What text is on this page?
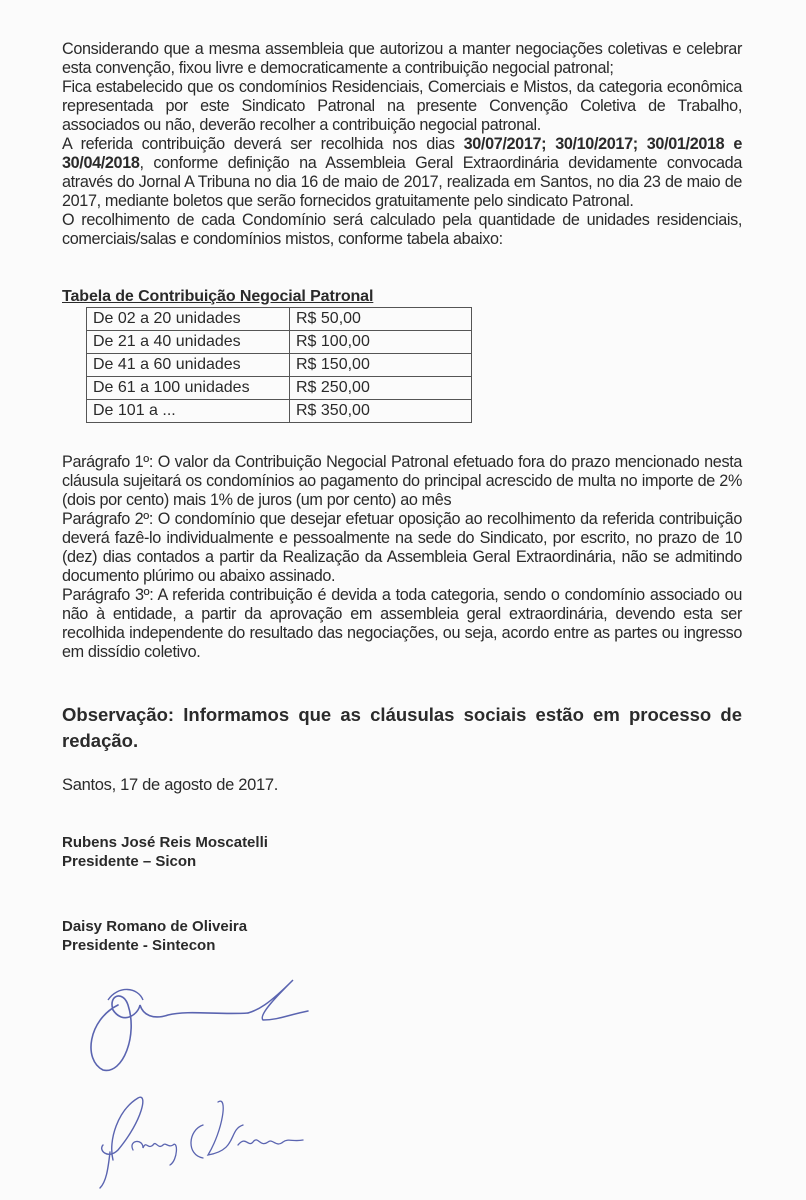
Considerando que a mesma assembleia que autorizou a manter negociações coletivas e celebrar esta convenção, fixou livre e democraticamente a contribuição negocial patronal;

Fica estabelecido que os condomínios Residenciais, Comerciais e Mistos, da categoria econômica representada por este Sindicato Patronal na presente Convenção Coletiva de Trabalho, associados ou não, deverão recolher a contribuição negocial patronal.

A referida contribuição deverá ser recolhida nos dias 30/07/2017; 30/10/2017; 30/01/2018 e 30/04/2018, conforme definição na Assembleia Geral Extraordinária devidamente convocada através do Jornal A Tribuna no dia 16 de maio de 2017, realizada em Santos, no dia 23 de maio de 2017, mediante boletos que serão fornecidos gratuitamente pelo sindicato Patronal.

O recolhimento de cada Condomínio será calculado pela quantidade de unidades residenciais, comerciais/salas e condomínios mistos, conforme tabela abaixo:

Tabela de Contribuição Negocial Patronal

De 02 a 20 unidades	R$ 50,00
De 21 a 40 unidades	R$ 100,00
De 41 a 60 unidades	R$ 150,00
De 61 a 100 unidades	R$ 250,00
De 101 a ...	R$ 350,00

Parágrafo 1º: O valor da Contribuição Negocial Patronal efetuado fora do prazo mencionado nesta cláusula sujeitará os condomínios ao pagamento do principal acrescido de multa no importe de 2% (dois por cento) mais 1% de juros (um por cento) ao mês

Parágrafo 2º: O condomínio que desejar efetuar oposição ao recolhimento da referida contribuição deverá fazê-lo individualmente e pessoalmente na sede do Sindicato, por escrito, no prazo de 10 (dez) dias contados a partir da Realização da Assembleia Geral Extraordinária, não se admitindo documento plúrimo ou abaixo assinado.

Parágrafo 3º: A referida contribuição é devida a toda categoria, sendo o condomínio associado ou não à entidade, a partir da aprovação em assembleia geral extraordinária, devendo esta ser recolhida independente do resultado das negociações, ou seja, acordo entre as partes ou ingresso em dissídio coletivo.

Observação: Informamos que as cláusulas sociais estão em processo de redação.

Santos, 17 de agosto de 2017.

Rubens José Reis Moscatelli

Presidente – Sicon

Daisy Romano de Oliveira

Presidente - Sintecon
